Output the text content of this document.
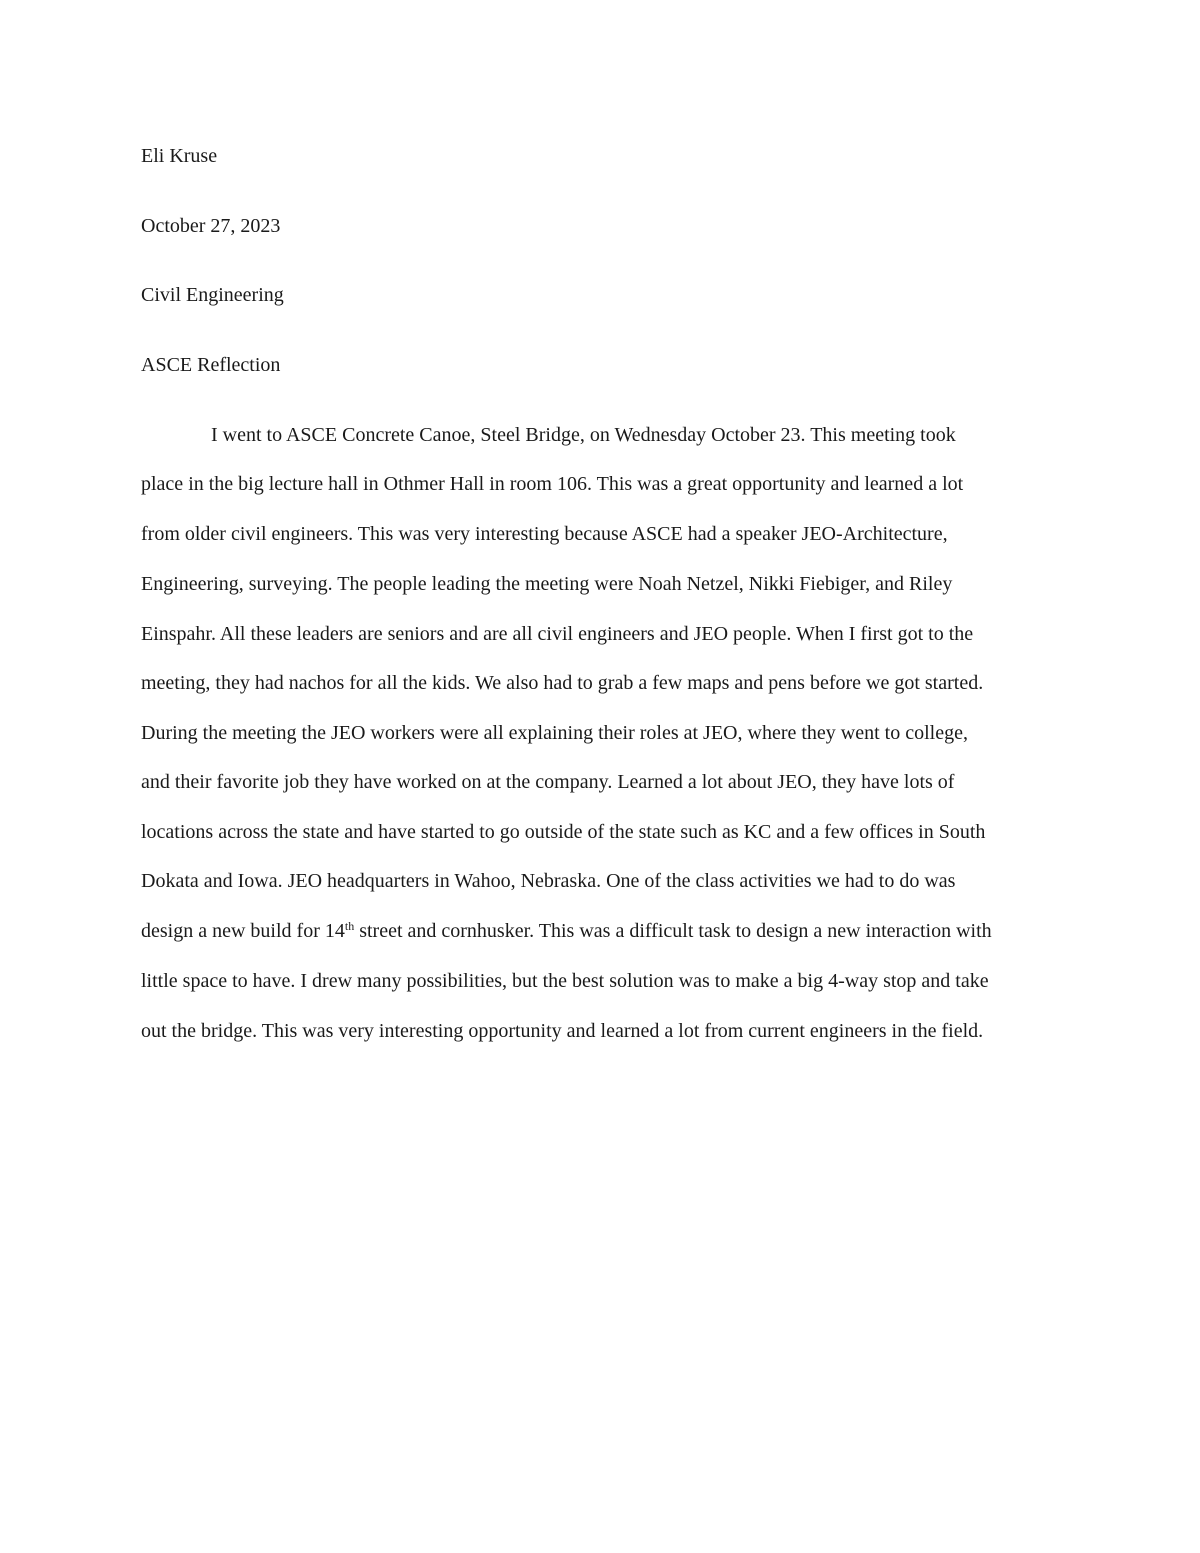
Eli Kruse

October 27, 2023

Civil Engineering

ASCE Reflection

I went to ASCE Concrete Canoe, Steel Bridge, on Wednesday October 23. This meeting took

place in the big lecture hall in Othmer Hall in room 106. This was a great opportunity and learned a lot

from older civil engineers. This was very interesting because ASCE had a speaker JEO-Architecture,

Engineering, surveying. The people leading the meeting were Noah Netzel, Nikki Fiebiger, and Riley

Einspahr. All these leaders are seniors and are all civil engineers and JEO people. When I first got to the

meeting, they had nachos for all the kids. We also had to grab a few maps and pens before we got started.

During the meeting the JEO workers were all explaining their roles at JEO, where they went to college,

and their favorite job they have worked on at the company. Learned a lot about JEO, they have lots of

locations across the state and have started to go outside of the state such as KC and a few offices in South

Dokata and Iowa. JEO headquarters in Wahoo, Nebraska. One of the class activities we had to do was

design a new build for 14th street and cornhusker. This was a difficult task to design a new interaction with

little space to have. I drew many possibilities, but the best solution was to make a big 4-way stop and take

out the bridge. This was very interesting opportunity and learned a lot from current engineers in the field.
